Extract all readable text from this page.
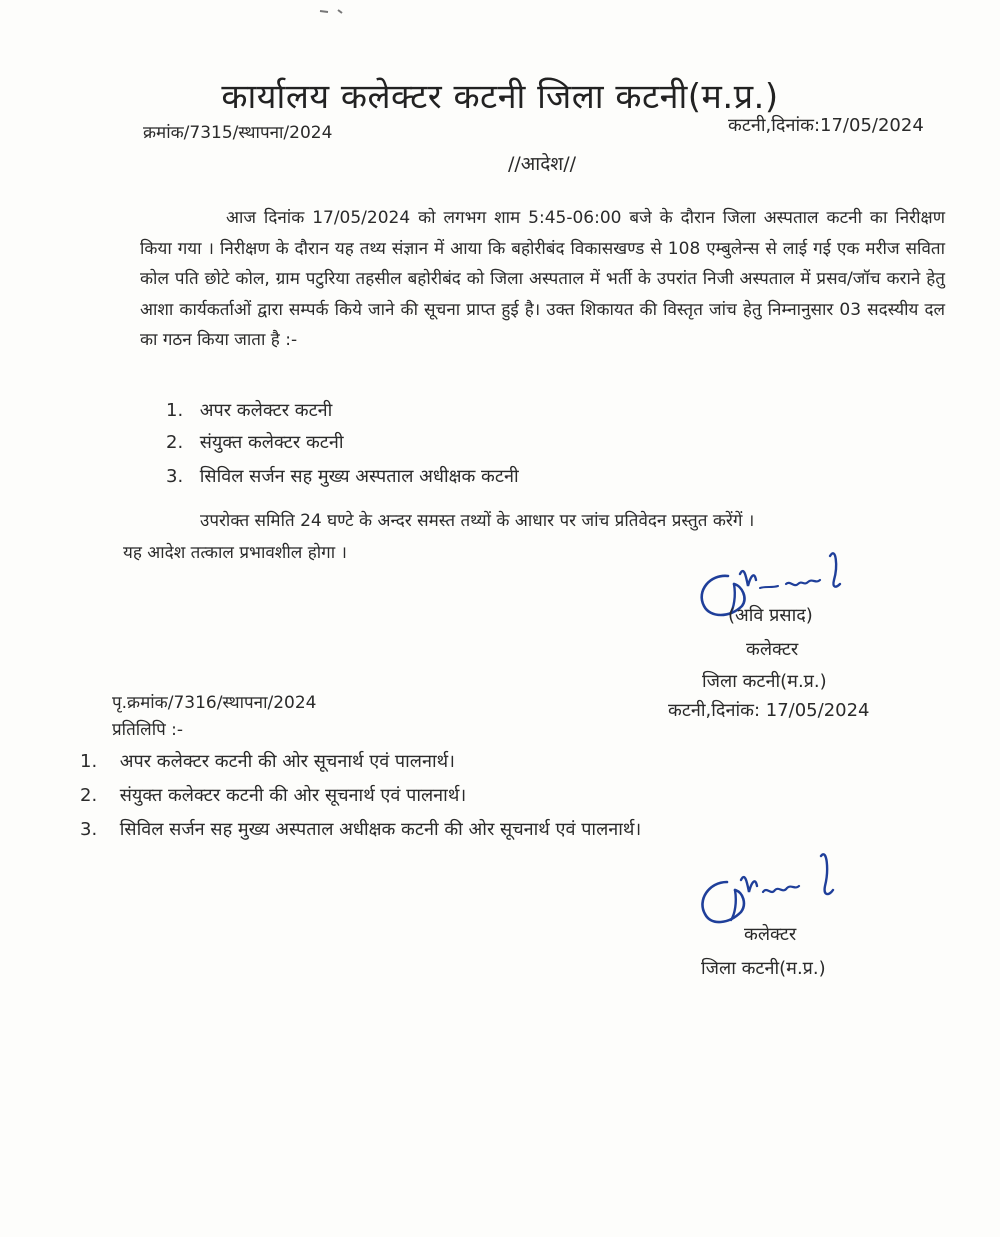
कार्यालय कलेक्टर कटनी जिला कटनी(म.प्र.)
क्रमांक/7315/स्थापना/2024	कटनी,दिनांक:17/05/2024
//आदेश//
आज दिनांक 17/05/2024 को लगभग शाम 5:45-06:00 बजे के दौरान जिला अस्पताल कटनी का निरीक्षण किया गया । निरीक्षण के दौरान यह तथ्य संज्ञान में आया कि बहोरीबंद विकासखण्ड से 108 एम्बुलेन्स से लाई गई एक मरीज सविता कोल पति छोटे कोल, ग्राम पटुरिया तहसील बहोरीबंद को जिला अस्पताल में भर्ती के उपरांत निजी अस्पताल में प्रसव/जॉच कराने हेतु आशा कार्यकर्ताओं द्वारा सम्पर्क किये जाने की सूचना प्राप्त हुई है। उक्त शिकायत की विस्तृत जांच हेतु निम्नानुसार 03 सदस्यीय दल का गठन किया जाता है :-
1. अपर कलेक्टर कटनी
2. संयुक्त कलेक्टर कटनी
3. सिविल सर्जन सह मुख्य अस्पताल अधीक्षक कटनी
उपरोक्त समिति 24 घण्टे के अन्दर समस्त तथ्यों के आधार पर जांच प्रतिवेदन प्रस्तुत करेंगें ।
यह आदेश तत्काल प्रभावशील होगा ।
(अवि प्रसाद)
कलेक्टर
जिला कटनी(म.प्र.)
कटनी,दिनांक: 17/05/2024
पृ.क्रमांक/7316/स्थापना/2024
प्रतिलिपि :-
1. अपर कलेक्टर कटनी की ओर सूचनार्थ एवं पालनार्थ।
2. संयुक्त कलेक्टर कटनी की ओर सूचनार्थ एवं पालनार्थ।
3. सिविल सर्जन सह मुख्य अस्पताल अधीक्षक कटनी की ओर सूचनार्थ एवं पालनार्थ।
कलेक्टर
जिला कटनी(म.प्र.)
